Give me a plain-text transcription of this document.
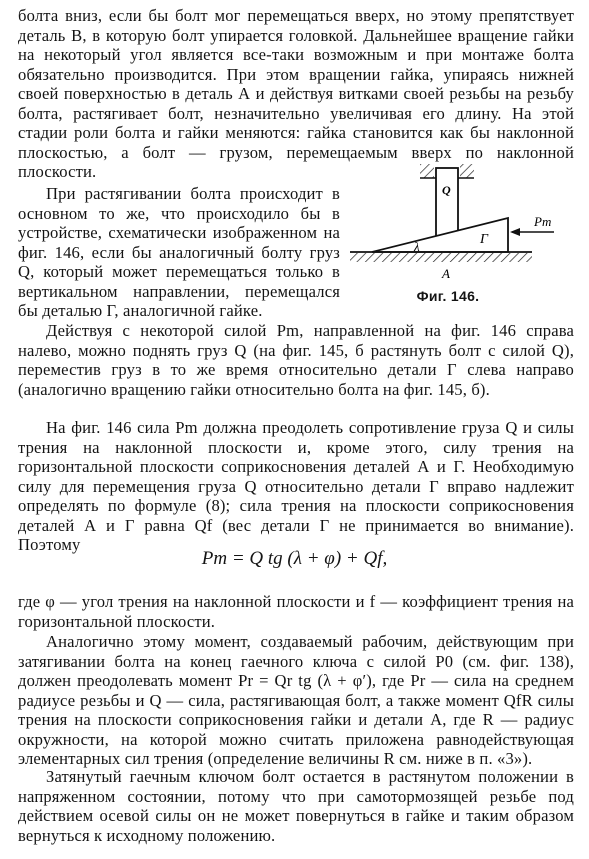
болта вниз, если бы болт мог перемещаться вверх, но этому препятствует деталь В, в которую болт упирается головкой. Дальнейшее вращение гайки на некоторый угол является все-таки возможным и при монтаже болта обязательно производится. При этом вращении гайка, упираясь нижней своей поверхностью в деталь А и действуя витками своей резьбы на резьбу болта, растягивает болт, незначительно увеличивая его длину. На этой стадии роли болта и гайки меняются: гайка становится как бы наклонной плоскостью, а болт — грузом, перемещаемым вверх по наклонной плоскости.

При растягивании болта происходит в основном то же, что происходило бы в устройстве, схематически изображенном на фиг. 146, если бы аналогичный болту груз Q, который может перемещаться только в вертикальном направлении, перемещался бы деталью Г, аналогичной гайке.

Q
Г
λ
А
Pm
Фиг. 146.

Действуя с некоторой силой Pm, направленной на фиг. 146 справа налево, можно поднять груз Q (на фиг. 145, б растянуть болт с силой Q), переместив груз в то же время относительно детали Г слева направо (аналогично вращению гайки относительно болта на фиг. 145, б).

На фиг. 146 сила Pm должна преодолеть сопротивление груза Q и силы трения на наклонной плоскости и, кроме этого, силу трения на горизонтальной плоскости соприкосновения деталей А и Г. Необходимую силу для перемещения груза Q относительно детали Г вправо надлежит определять по формуле (8); сила трения на плоскости соприкосновения деталей А и Г равна Qf (вес детали Г не принимается во внимание). Поэтому

Pm = Q tg (λ + φ) + Qf,

где φ — угол трения на наклонной плоскости и f — коэффициент трения на горизонтальной плоскости.

Аналогично этому момент, создаваемый рабочим, действующим при затягивании болта на конец гаечного ключа с силой P0 (см. фиг. 138), должен преодолевать момент Pr = Qr tg (λ + φ′), где Pr — сила на среднем радиусе резьбы и Q — сила, растягивающая болт, а также момент QfR силы трения на плоскости соприкосновения гайки и детали А, где R — радиус окружности, на которой можно считать приложена равнодействующая элементарных сил трения (определение величины R см. ниже в п. «3»).

Затянутый гаечным ключом болт остается в растянутом положении в напряженном состоянии, потому что при самотормозящей резьбе под действием осевой силы он не может повернуться в гайке и таким образом вернуться к исходному положению.
